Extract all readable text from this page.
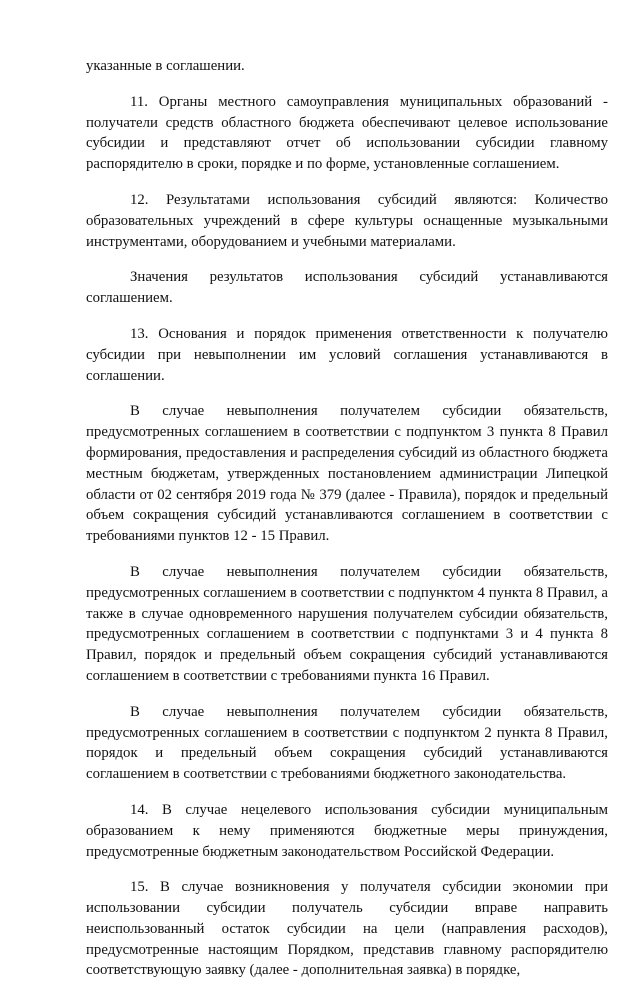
указанные в соглашении.

11. Органы местного самоуправления муниципальных образований - получатели средств областного бюджета обеспечивают целевое использование субсидии и представляют отчет об использовании субсидии главному распорядителю в сроки, порядке и по форме, установленные соглашением.

12. Результатами использования субсидий являются: Количество образовательных учреждений в сфере культуры оснащенные музыкальными инструментами, оборудованием и учебными материалами.

Значения результатов использования субсидий устанавливаются соглашением.

13. Основания и порядок применения ответственности к получателю субсидии при невыполнении им условий соглашения устанавливаются в соглашении.

В случае невыполнения получателем субсидии обязательств, предусмотренных соглашением в соответствии с подпунктом 3 пункта 8 Правил формирования, предоставления и распределения субсидий из областного бюджета местным бюджетам, утвержденных постановлением администрации Липецкой области от 02 сентября 2019 года № 379 (далее - Правила), порядок и предельный объем сокращения субсидий устанавливаются соглашением в соответствии с требованиями пунктов 12 - 15 Правил.

В случае невыполнения получателем субсидии обязательств, предусмотренных соглашением в соответствии с подпунктом 4 пункта 8 Правил, а также в случае одновременного нарушения получателем субсидии обязательств, предусмотренных соглашением в соответствии с подпунктами 3 и 4 пункта 8 Правил, порядок и предельный объем сокращения субсидий устанавливаются соглашением в соответствии с требованиями пункта 16 Правил.

В случае невыполнения получателем субсидии обязательств, предусмотренных соглашением в соответствии с подпунктом 2 пункта 8 Правил, порядок и предельный объем сокращения субсидий устанавливаются соглашением в соответствии с требованиями бюджетного законодательства.

14. В случае нецелевого использования субсидии муниципальным образованием к нему применяются бюджетные меры принуждения, предусмотренные бюджетным законодательством Российской Федерации.

15. В случае возникновения у получателя субсидии экономии при использовании субсидии получатель субсидии вправе направить неиспользованный остаток субсидии на цели (направления расходов), предусмотренные настоящим Порядком, представив главному распорядителю соответствующую заявку (далее - дополнительная заявка) в порядке,
